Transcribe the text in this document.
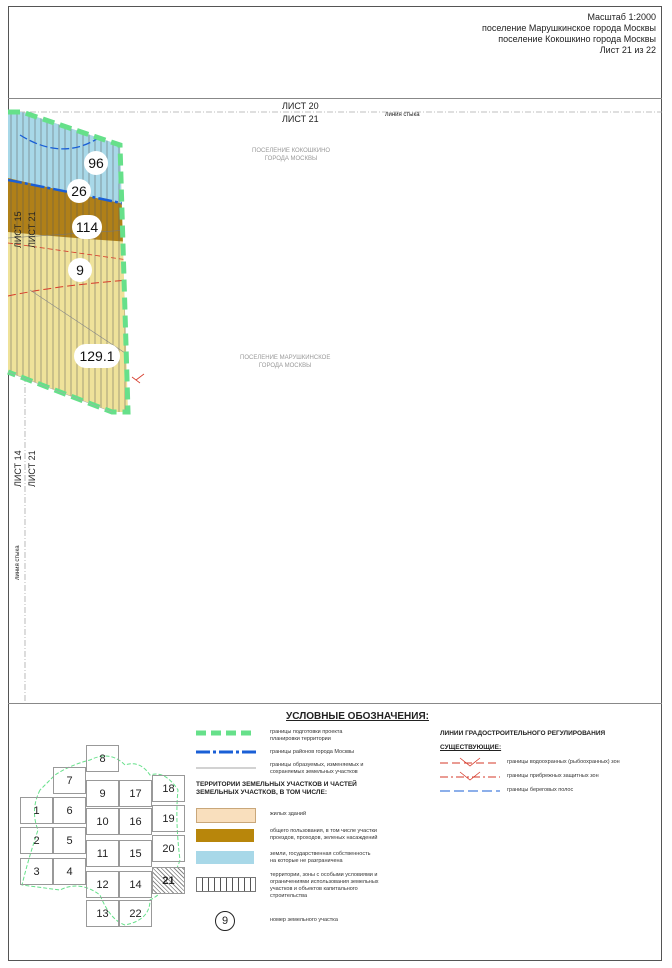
Масштаб 1:2000
поселение Марушкинское города Москвы
поселение Кокошкино города Москвы
Лист 21 из 22
ЛИСТ 20
ЛИСТ 21	линия стыка
ЛИСТ 15 ЛИСТ 21
ЛИСТ 14 ЛИСТ 21
линия стыка
ПОСЕЛЕНИЕ КОКОШКИНО
ГОРОДА МОСКВЫ
ПОСЕЛЕНИЕ МАРУШКИНСКОЕ
ГОРОДА МОСКВЫ
96
26
114
9
129.1
8
7
9	17	18
1	6
10	16	19
2	5
11	15	20
3	4
12	14	21
13	22
УСЛОВНЫЕ ОБОЗНАЧЕНИЯ:
границы подготовки проекта
планировки территории
границы районов города Москвы
границы образуемых, изменяемых и
сохраняемых земельных участков
ТЕРРИТОРИИ ЗЕМЕЛЬНЫХ УЧАСТКОВ И ЧАСТЕЙ
ЗЕМЕЛЬНЫХ УЧАСТКОВ, В ТОМ ЧИСЛЕ:
жилых зданий
общего пользования, в том числе участки
проездов, проходов, зеленых насаждений
земли, государственная собственность
на которые не разграничена
территории, зоны с особыми условиями и
ограничениями использования земельных
участков и объектов капитального
строительства
9	номер земельного участка
ЛИНИИ ГРАДОСТРОИТЕЛЬНОГО РЕГУЛИРОВАНИЯ
СУЩЕСТВУЮЩИЕ:
границы водоохранных (рыбоохранных) зон
границы прибрежных защитных зон
границы береговых полос
